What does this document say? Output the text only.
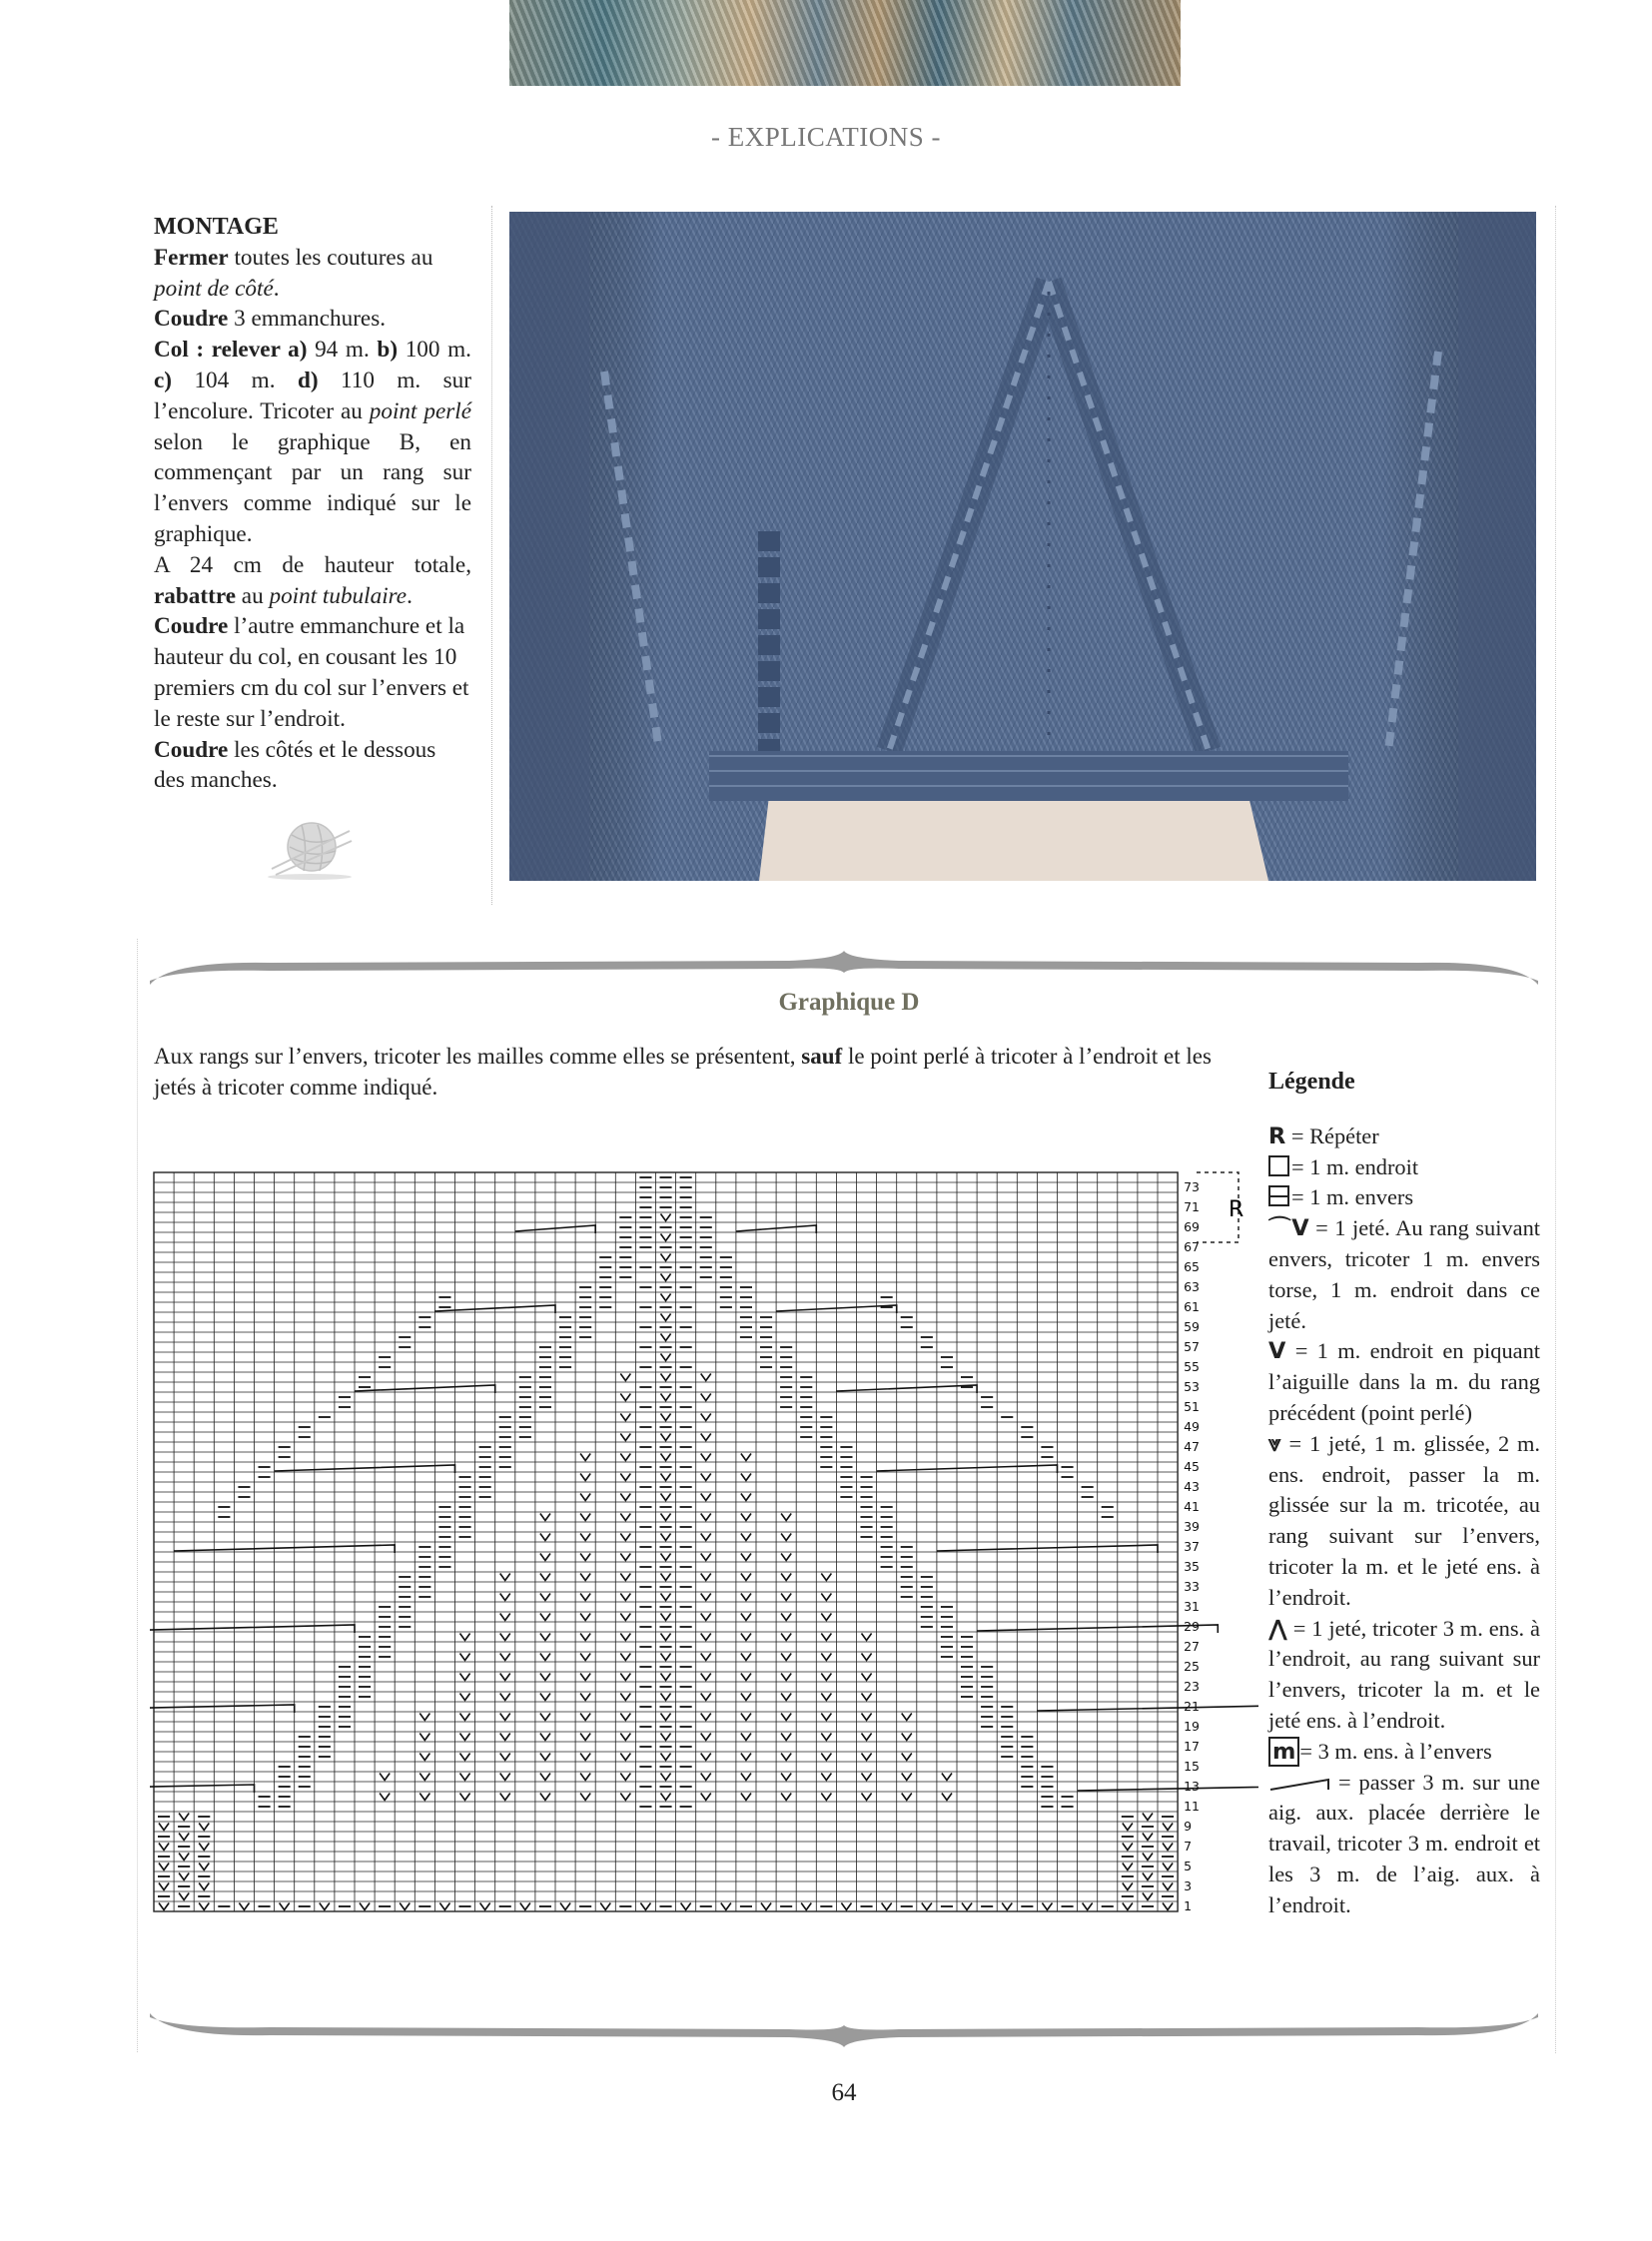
- EXPLICATIONS -

MONTAGE

Fermer toutes les coutures au point de côté.

Coudre 3 emmanchures.

Col : relever a) 94 m. b) 100 m. c) 104 m. d) 110 m. sur l’encolure. Tricoter au point perlé selon le graphique B, en commençant par un rang sur l’envers comme indiqué sur le graphique.

A 24 cm de hauteur totale, rabattre au point tubulaire.

Coudre l’autre emmanchure et la hauteur du col, en cousant les 10 premiers cm du col sur l’envers et le reste sur l’endroit.

Coudre les côtés et le dessous des manches.

Graphique D
Aux rangs sur l’envers, tricoter les mailles comme elles se présentent, sauf le point perlé à tricoter à l’endroit et les jetés à tricoter comme indiqué.
73
71
69
67
65
63
61
59
57
55
53
51
49
47
45
43
41
39
37
35
33
31
29
27
25
23
21
19
17
15
13
11
9
7
5
3
1
R

Légende

R = Répéter

= 1 m. endroit

= 1 m. envers

⌒V = 1 jeté. Au rang suivant envers, tricoter 1 m. envers torse, 1 m. endroit dans ce jeté.

V = 1 m. endroit en piquant l’aiguille dans la m. du rang précédent (point perlé)

⩔ = 1 jeté, 1 m. glissée, 2 m. ens. endroit, passer la m. glissée sur la m. tricotée, au rang suivant sur l’envers, tricoter la m. et le jeté ens. à l’endroit.

⋀ = 1 jeté, tricoter 3 m. ens. à l’endroit, au rang suivant sur l’envers, tricoter la m. et le jeté ens. à l’endroit.

m = 3 m. ens. à l’envers

= passer 3 m. sur une aig. aux. placée derrière le travail, tricoter 3 m. endroit et les 3 m. de l’aig. aux. à l’endroit.

64
